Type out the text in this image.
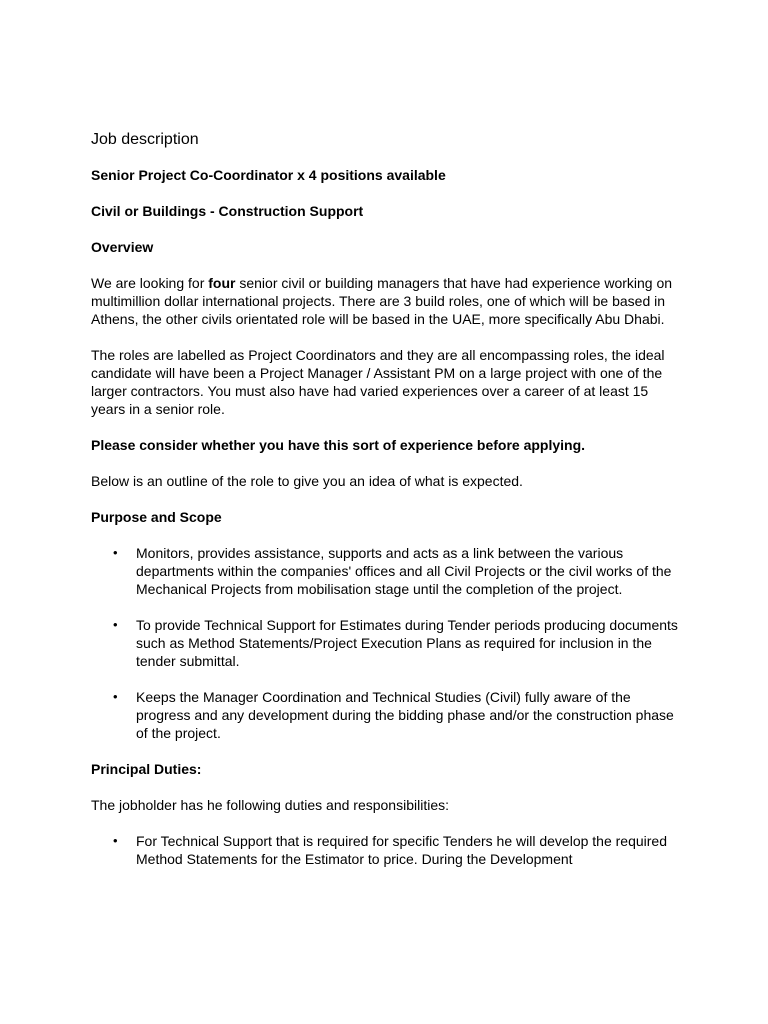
Job description
Senior Project Co-Coordinator x 4 positions available
Civil or Buildings - Construction Support
Overview
We are looking for four senior civil or building managers that have had experience working on multimillion dollar international projects. There are 3 build roles, one of which will be based in Athens, the other civils orientated role will be based in the UAE, more specifically Abu Dhabi.
The roles are labelled as Project Coordinators and they are all encompassing roles, the ideal candidate will have been a Project Manager / Assistant PM on a large project with one of the larger contractors. You must also have had varied experiences over a career of at least 15 years in a senior role.
Please consider whether you have this sort of experience before applying.
Below is an outline of the role to give you an idea of what is expected.
Purpose and Scope
• Monitors, provides assistance, supports and acts as a link between the various departments within the companies' offices and all Civil Projects or the civil works of the Mechanical Projects from mobilisation stage until the completion of the project.
• To provide Technical Support for Estimates during Tender periods producing documents such as Method Statements/Project Execution Plans as required for inclusion in the tender submittal.
• Keeps the Manager Coordination and Technical Studies (Civil) fully aware of the progress and any development during the bidding phase and/or the construction phase of the project.
Principal Duties:
The jobholder has he following duties and responsibilities:
• For Technical Support that is required for specific Tenders he will develop the required Method Statements for the Estimator to price. During the Development
